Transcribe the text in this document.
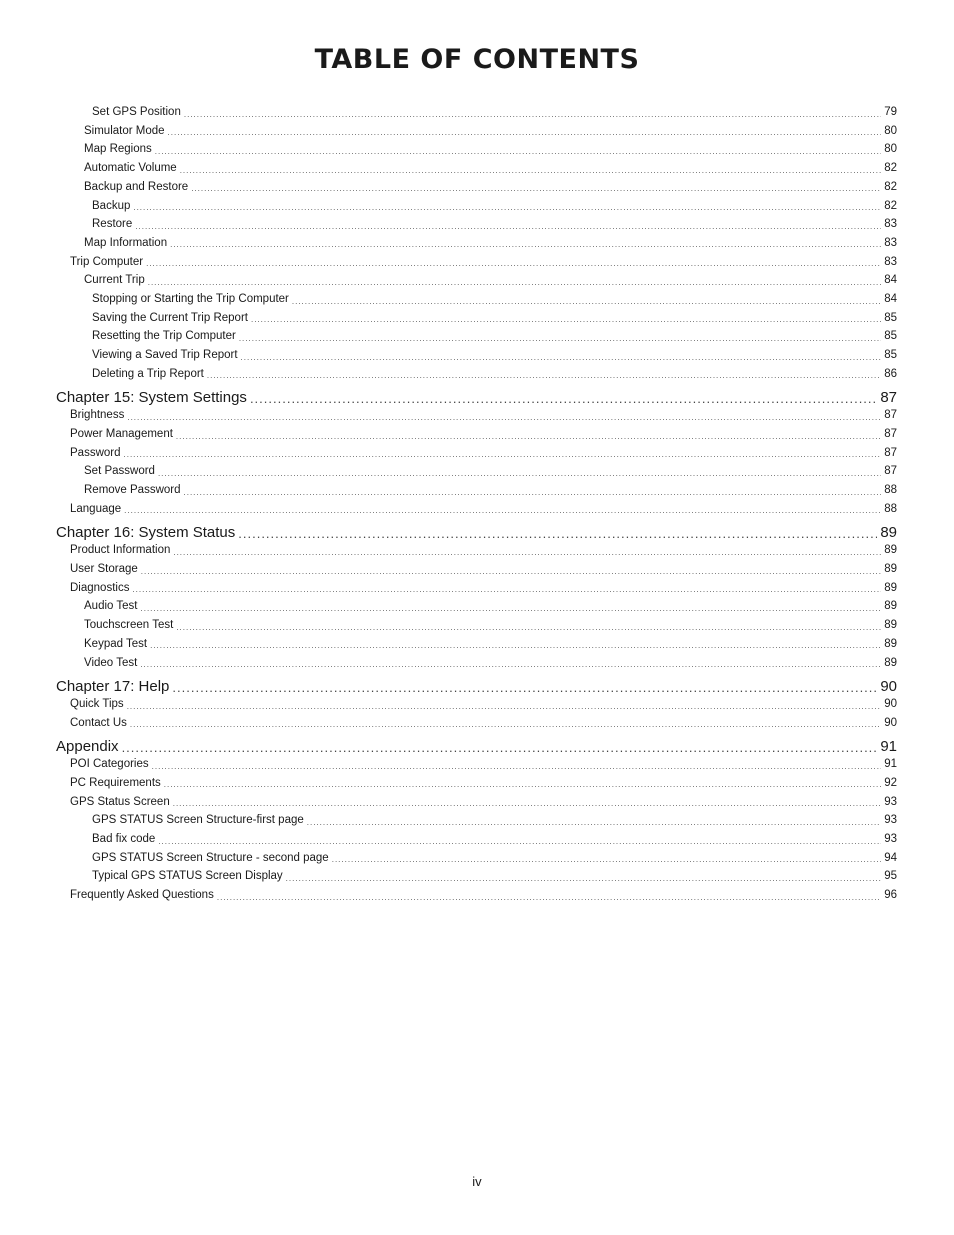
TABLE OF CONTENTS
Set GPS Position .....	79
Simulator Mode .....	80
Map Regions .....	80
Automatic Volume .....	82
Backup and Restore .....	82
Backup .....	82
Restore .....	83
Map Information .....	83
Trip Computer .....	83
Current Trip .....	84
Stopping or Starting the Trip Computer .....	84
Saving the Current Trip Report .....	85
Resetting the Trip Computer .....	85
Viewing a Saved Trip Report .....	85
Deleting a Trip Report .....	86
Chapter 15: System Settings .....	87
Brightness .....	87
Power Management .....	87
Password .....	87
Set Password .....	87
Remove Password .....	88
Language .....	88
Chapter 16: System Status .....	89
Product Information .....	89
User Storage .....	89
Diagnostics .....	89
Audio Test .....	89
Touchscreen Test .....	89
Keypad Test .....	89
Video Test .....	89
Chapter 17: Help .....	90
Quick Tips .....	90
Contact Us .....	90
Appendix .....	91
POI Categories .....	91
PC Requirements .....	92
GPS Status Screen .....	93
GPS STATUS Screen Structure-first page .....	93
Bad fix code .....	93
GPS STATUS Screen Structure - second page .....	94
Typical GPS STATUS Screen Display .....	95
Frequently Asked Questions .....	96
iv
